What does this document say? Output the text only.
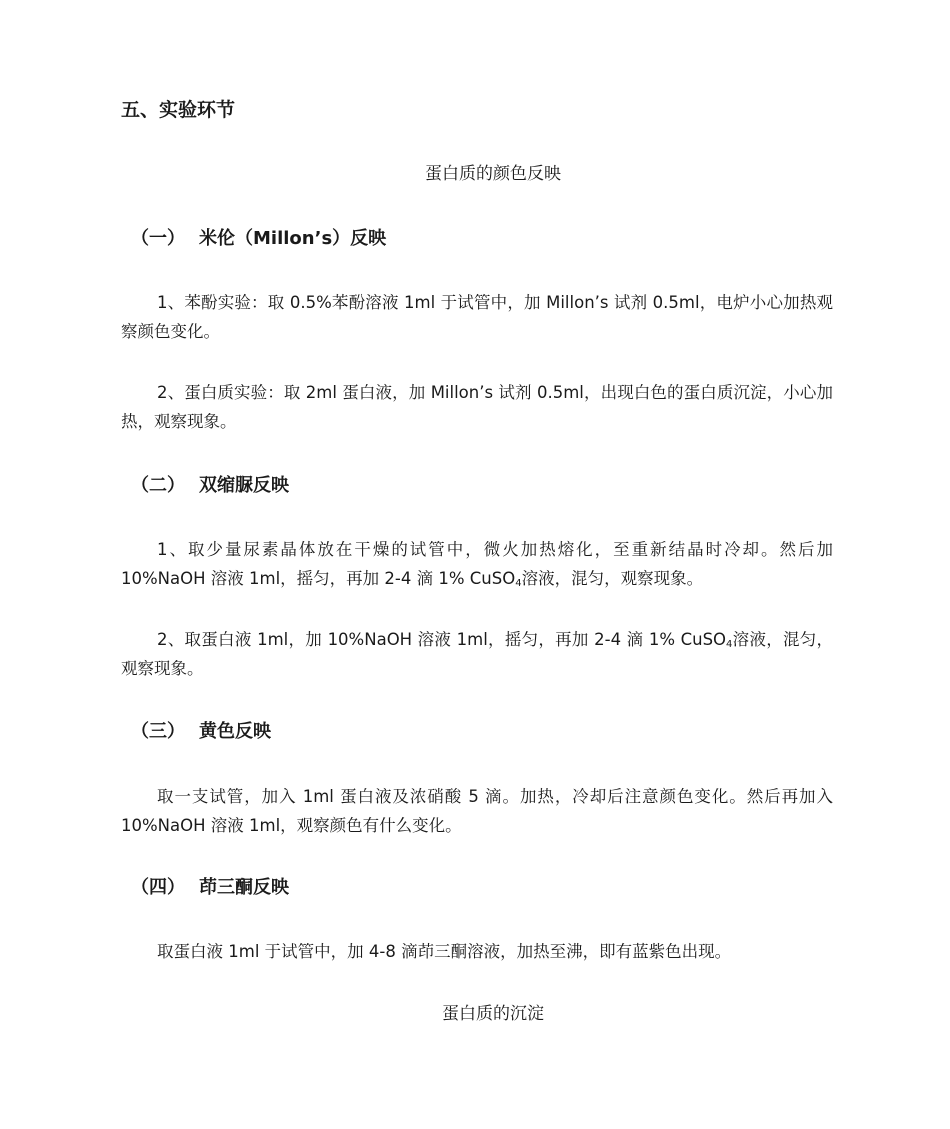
五、实验环节
蛋白质的颜色反映
（一） 米伦（Millon’s）反映

1、苯酚实验：取 0.5%苯酚溶液 1ml 于试管中，加 Millon’s 试剂 0.5ml，电炉小心加热观察颜色变化。

2、蛋白质实验：取 2ml 蛋白液，加 Millon’s 试剂 0.5ml，出现白色的蛋白质沉淀，小心加热，观察现象。

（二） 双缩脲反映

1、取少量尿素晶体放在干燥的试管中，微火加热熔化，至重新结晶时冷却。然后加 10%NaOH 溶液 1ml，摇匀，再加 2-4 滴 1% CuSO$_4$溶液，混匀，观察现象。

2、取蛋白液 1ml，加 10%NaOH 溶液 1ml，摇匀，再加 2-4 滴 1% CuSO$_4$溶液，混匀，观察现象。

（三） 黄色反映

取一支试管，加入 1ml 蛋白液及浓硝酸 5 滴。加热，冷却后注意颜色变化。然后再加入 10%NaOH 溶液 1ml，观察颜色有什么变化。

（四） 茚三酮反映

取蛋白液 1ml 于试管中，加 4-8 滴茚三酮溶液，加热至沸，即有蓝紫色出现。

蛋白质的沉淀
